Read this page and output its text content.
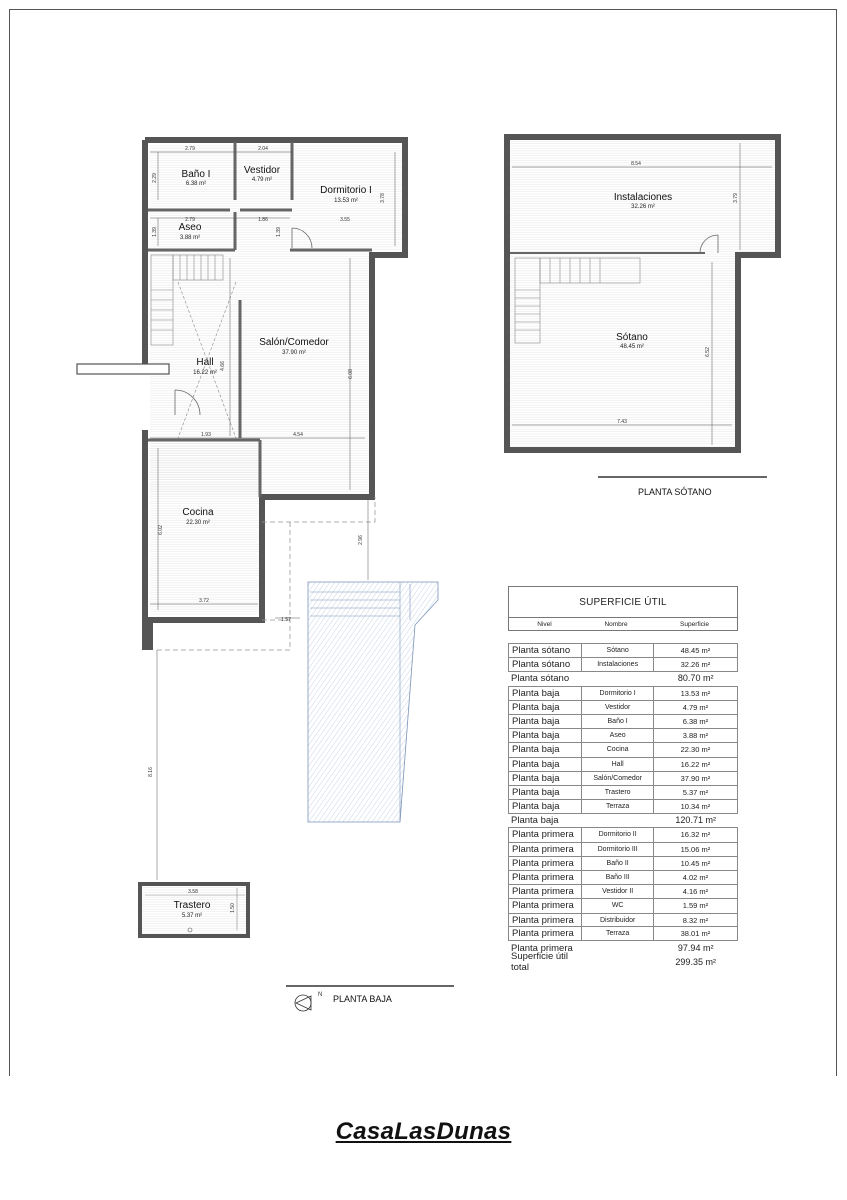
2.79	2.04
2.29
3.78
2.79	1.86	3.55
1.39	1.39
4.66
6.08
1.93	4.54
6.02
3.72
1.57
2.96
8.16
3.58
1.50
Baño I
6.38 m²
Vestidor
4.79 m²
Dormitorio I
13.53 m²
Aseo
3.88 m²
Hall
16.22 m²
Salón/Comedor
37.90 m²
Cocina
22.30 m²
Trastero
5.37 m²
N PLANTA BAJA
8.54
3.79
6.52
7.43
Instalaciones
32.26 m²
Sótano
48.45 m²
PLANTA SÓTANO
SUPERFICIE ÚTIL
Nivel	Nombre	Superficie
Planta sótano	Sótano	48.45 m²
Planta sótano	Instalaciones	32.26 m²
Planta sótano	80.70 m²
Planta baja	Dormitorio I	13.53 m²
Planta baja	Vestidor	4.79 m²
Planta baja	Baño I	6.38 m²
Planta baja	Aseo	3.88 m²
Planta baja	Cocina	22.30 m²
Planta baja	Hall	16.22 m²
Planta baja	Salón/Comedor	37.90 m²
Planta baja	Trastero	5.37 m²
Planta baja	Terraza	10.34 m²
Planta baja	120.71 m²
Planta primera	Dormitorio II	16.32 m²
Planta primera	Dormitorio III	15.06 m²
Planta primera	Baño II	10.45 m²
Planta primera	Baño III	4.02 m²
Planta primera	Vestidor II	4.16 m²
Planta primera	WC	1.59 m²
Planta primera	Distribuidor	8.32 m²
Planta primera	Terraza	38.01 m²
Planta primera	97.94 m²
Superficie útil total	299.35 m²
CasaLasDunas
